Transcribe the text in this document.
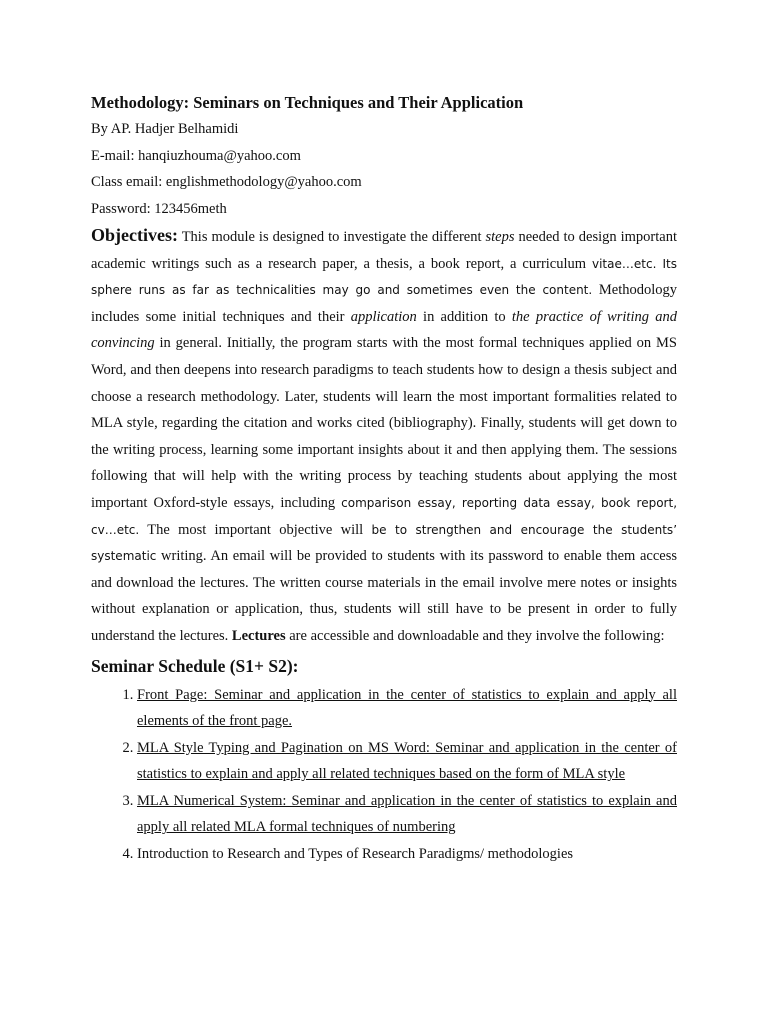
Methodology: Seminars on Techniques and Their Application

By AP. Hadjer Belhamidi

E-mail: hanqiuzhouma@yahoo.com

Class email: englishmethodology@yahoo.com

Password: 123456meth

Objectives: This module is designed to investigate the different steps needed to design important academic writings such as a research paper, a thesis, a book report, a curriculum vitae…etc. Its sphere runs as far as technicalities may go and sometimes even the content. Methodology includes some initial techniques and their application in addition to the practice of writing and convincing in general. Initially, the program starts with the most formal techniques applied on MS Word, and then deepens into research paradigms to teach students how to design a thesis subject and choose a research methodology. Later, students will learn the most important formalities related to MLA style, regarding the citation and works cited (bibliography). Finally, students will get down to the writing process, learning some important insights about it and then applying them. The sessions following that will help with the writing process by teaching students about applying the most important Oxford-style essays, including comparison essay, reporting data essay, book report, cv…etc. The most important objective will be to strengthen and encourage the students’ systematic writing. An email will be provided to students with its password to enable them access and download the lectures. The written course materials in the email involve mere notes or insights without explanation or application, thus, students will still have to be present in order to fully understand the lectures. Lectures are accessible and downloadable and they involve the following:

Seminar Schedule (S1+ S2):
1. Front Page: Seminar and application in the center of statistics to explain and apply all elements of the front page.
2. MLA Style Typing and Pagination on MS Word: Seminar and application in the center of statistics to explain and apply all related techniques based on the form of MLA style
3. MLA Numerical System: Seminar and application in the center of statistics to explain and apply all related MLA formal techniques of numbering
4. Introduction to Research and Types of Research Paradigms/ methodologies
